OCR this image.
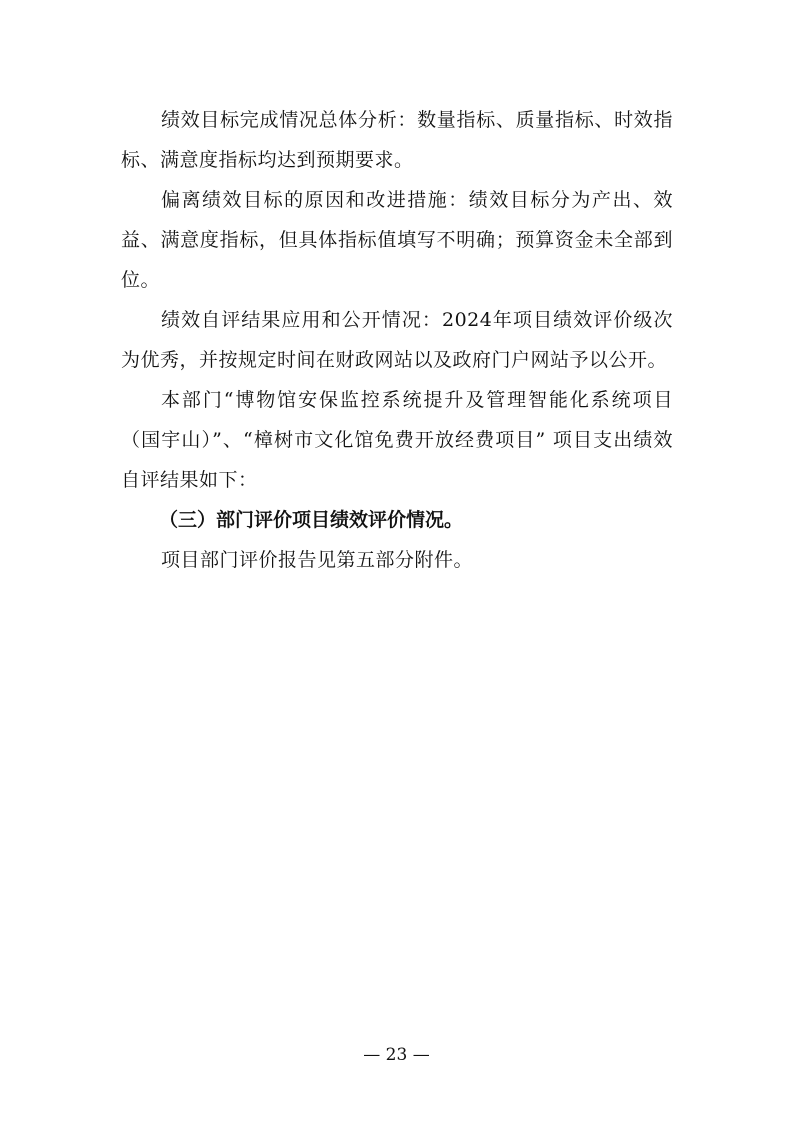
绩效目标完成情况总体分析：数量指标、质量指标、时效指标、满意度指标均达到预期要求。

偏离绩效目标的原因和改进措施：绩效目标分为产出、效益、满意度指标，但具体指标值填写不明确；预算资金未全部到位。

绩效自评结果应用和公开情况：2024年项目绩效评价级次为优秀，并按规定时间在财政网站以及政府门户网站予以公开。

本部门“博物馆安保监控系统提升及管理智能化系统项目（国宇山）”、“樟树市文化馆免费开放经费项目” 项目支出绩效自评结果如下：

（三）部门评价项目绩效评价情况。

项目部门评价报告见第五部分附件。

— 23 —
